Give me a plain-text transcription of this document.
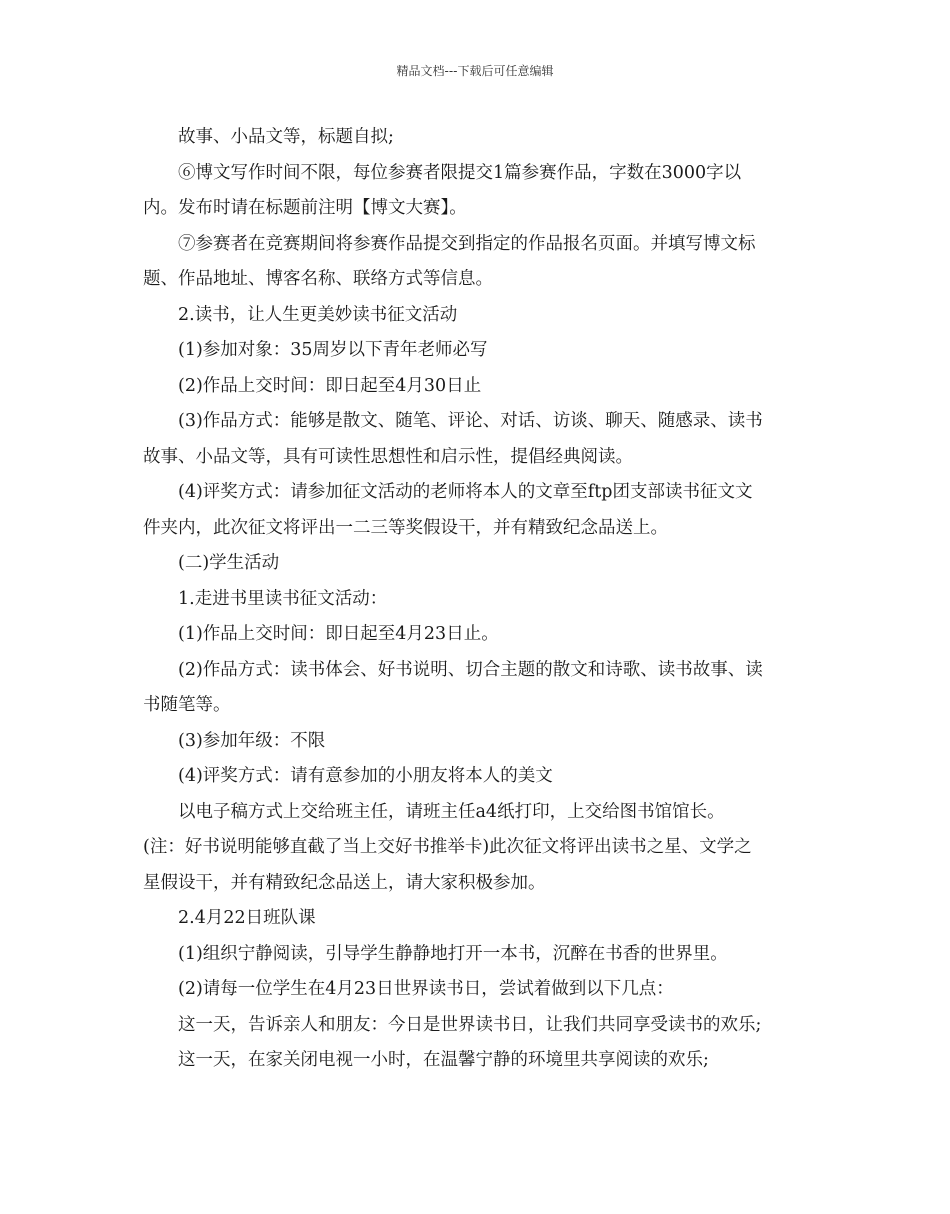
精品文档---下载后可任意编辑
故事、小品文等，标题自拟;
⑥博文写作时间不限，每位参赛者限提交1篇参赛作品，字数在3000字以
内。发布时请在标题前注明【博文大赛】。
⑦参赛者在竞赛期间将参赛作品提交到指定的作品报名页面。并填写博文标
题、作品地址、博客名称、联络方式等信息。
2.读书，让人生更美妙读书征文活动
(1)参加对象：35周岁以下青年老师必写
(2)作品上交时间：即日起至4月30日止
(3)作品方式：能够是散文、随笔、评论、对话、访谈、聊天、随感录、读书
故事、小品文等，具有可读性思想性和启示性，提倡经典阅读。
(4)评奖方式：请参加征文活动的老师将本人的文章至ftp团支部读书征文文
件夹内，此次征文将评出一二三等奖假设干，并有精致纪念品送上。
(二)学生活动
1.走进书里读书征文活动：
(1)作品上交时间：即日起至4月23日止。
(2)作品方式：读书体会、好书说明、切合主题的散文和诗歌、读书故事、读
书随笔等。
(3)参加年级：不限
(4)评奖方式：请有意参加的小朋友将本人的美文
以电子稿方式上交给班主任，请班主任a4纸打印，上交给图书馆馆长。
(注：好书说明能够直截了当上交好书推举卡)此次征文将评出读书之星、文学之
星假设干，并有精致纪念品送上，请大家积极参加。
2.4月22日班队课
(1)组织宁静阅读，引导学生静静地打开一本书，沉醉在书香的世界里。
(2)请每一位学生在4月23日世界读书日，尝试着做到以下几点：
这一天，告诉亲人和朋友：今日是世界读书日，让我们共同享受读书的欢乐;
这一天，在家关闭电视一小时，在温馨宁静的环境里共享阅读的欢乐;
